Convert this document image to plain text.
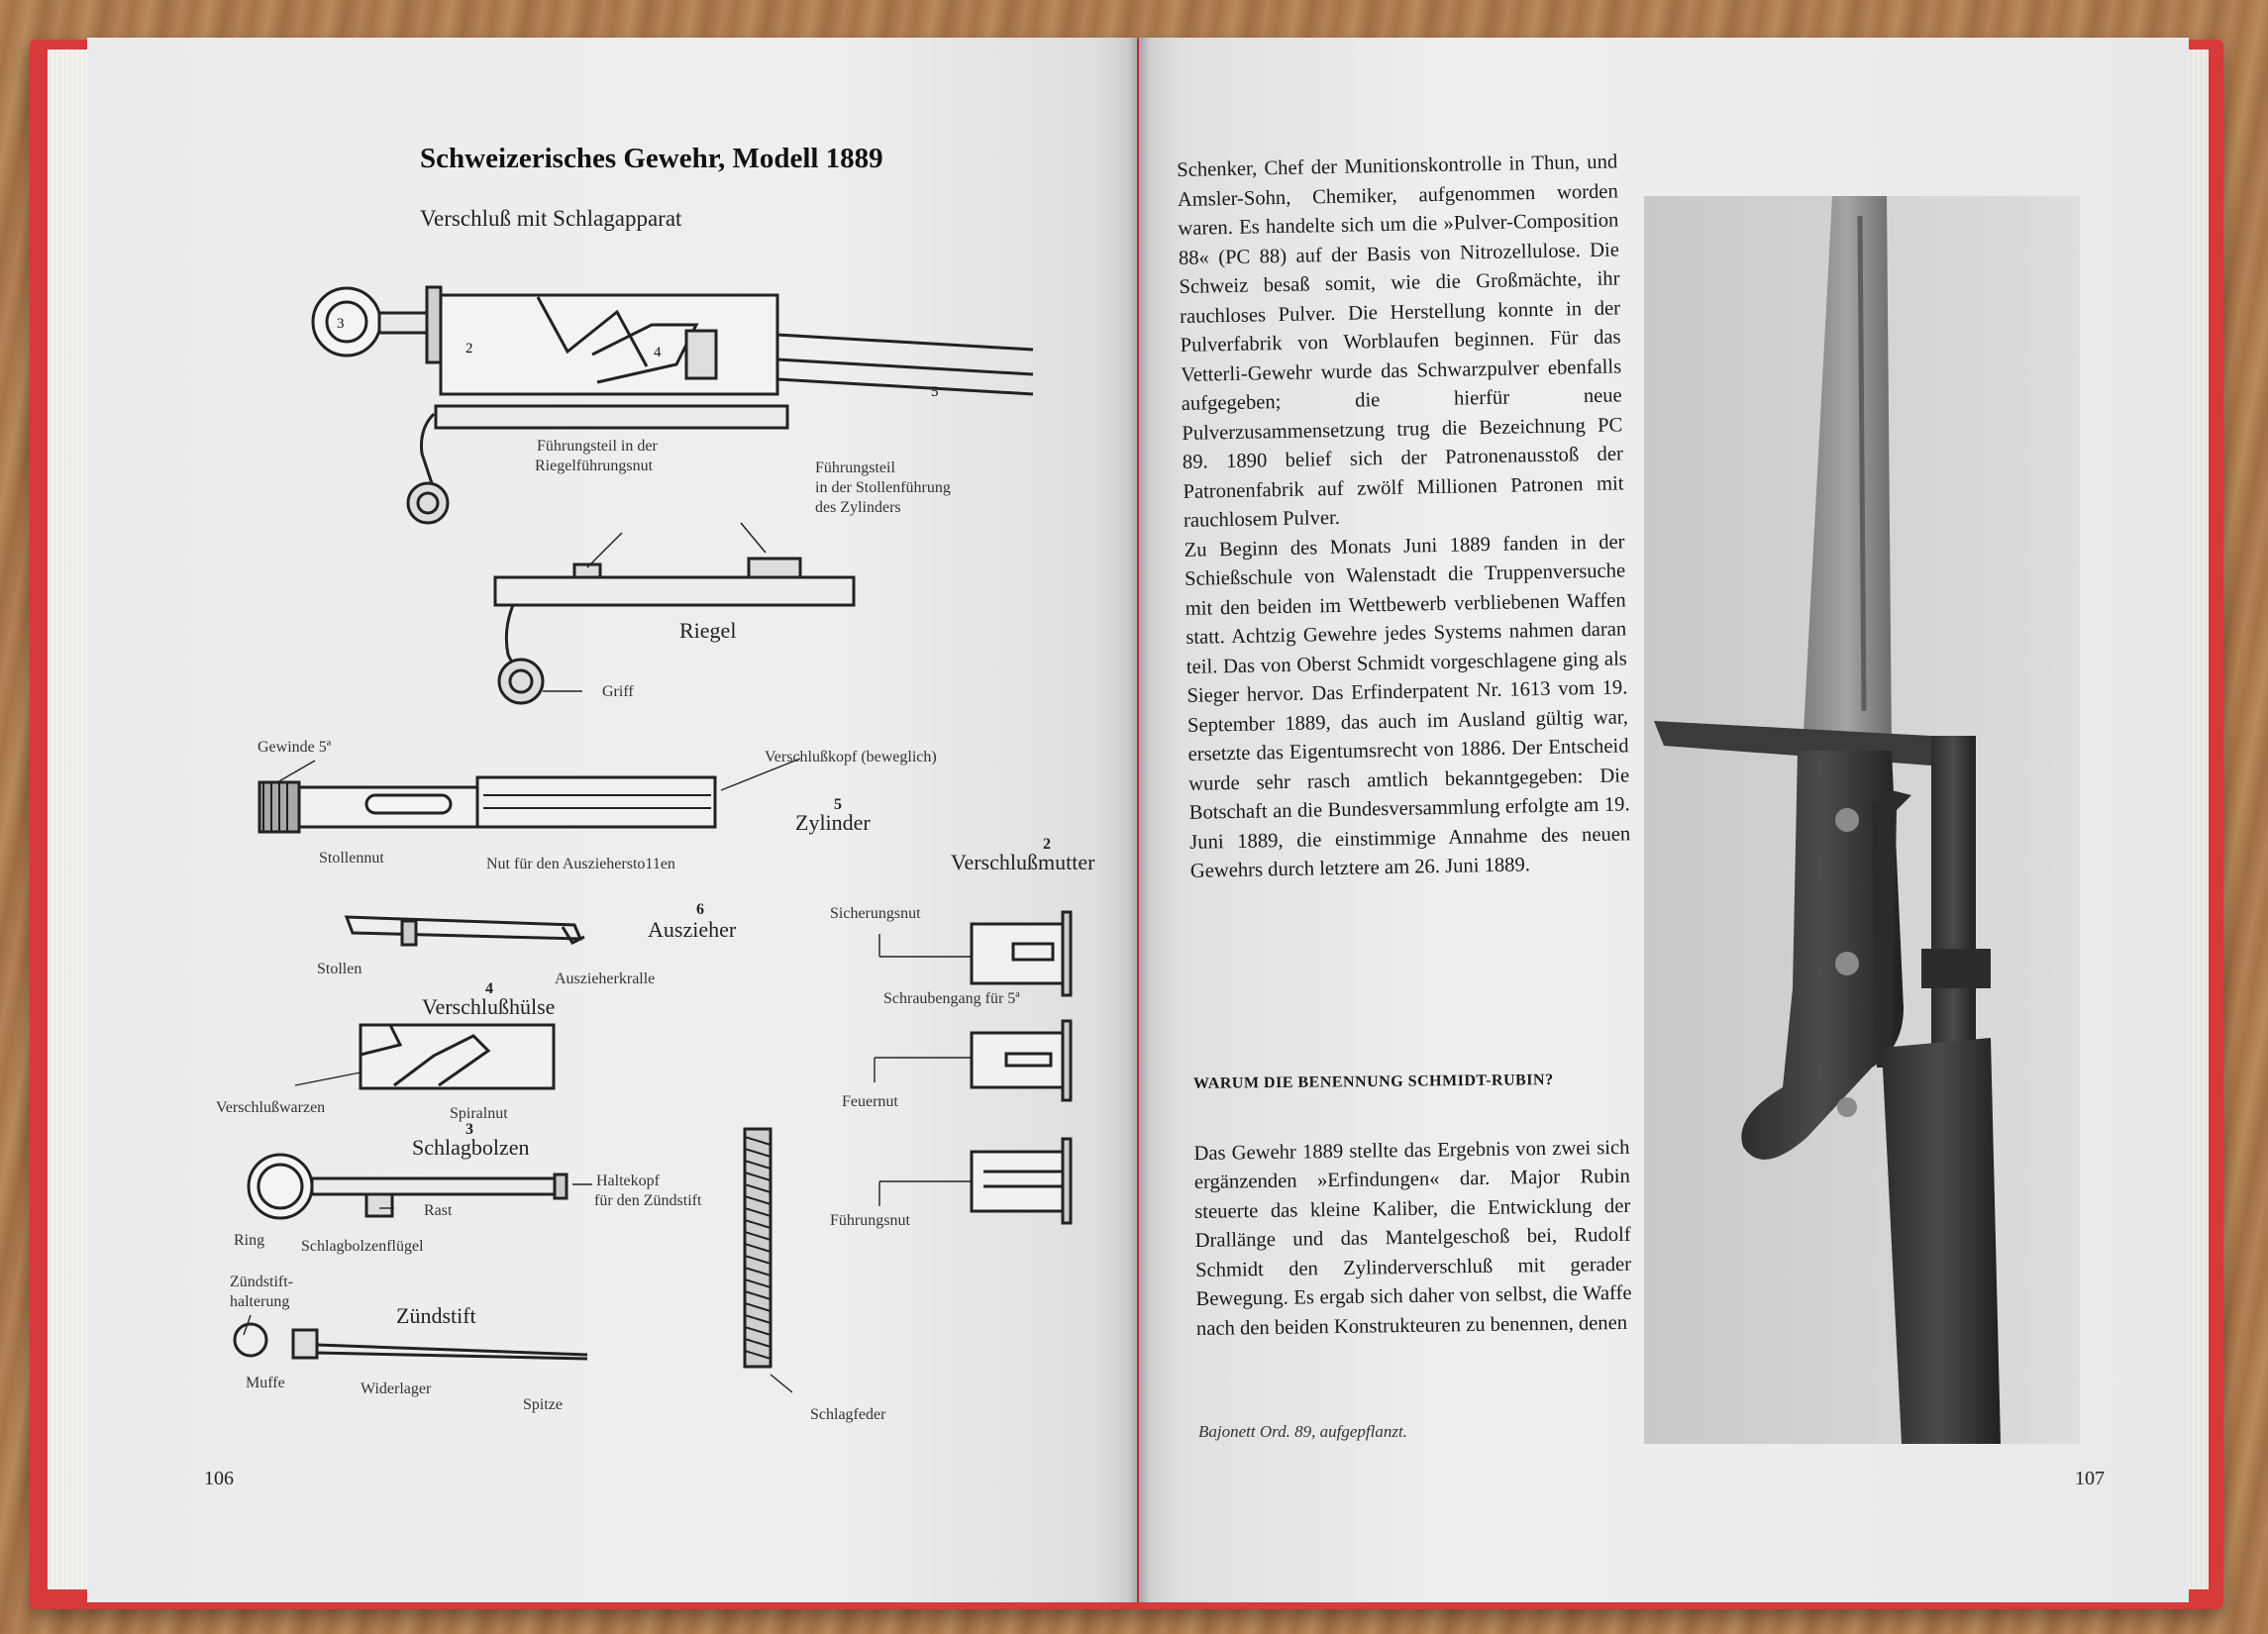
3
2	4
5
Schweizerisches Gewehr, Modell 1889
Verschluß mit Schlagapparat
Führungsteil in der
Riegelführungsnut	Führungsteil
in der Stollenführung
des Zylinders
Riegel
Griff
Gewinde 5ª
Verschlußkopf (beweglich)
5
Zylinder
Stollennut	Nut für den Ausziehersto11en
2
Verschlußmutter
6
Auszieher
Sicherungsnut
Stollen
Auszieherkralle
Schraubengang für 5ª
4
Verschlußhülse
Verschlußwarzen	Spiralnut
Feuernut
3
Schlagbolzen
Haltekopf
für den Zündstift
Rast
Ring Schlagbolzenflügel
Führungsnut
Zündstift-
halterung
Zündstift
Muffe	Widerlager
Spitze
Schlagfeder
106

Schenker, Chef der Munitionskontrolle in Thun, und Amsler-Sohn, Chemiker, aufgenommen worden waren. Es handelte sich um die »Pulver-Composition 88« (PC 88) auf der Basis von Nitrozellulose. Die Schweiz besaß somit, wie die Großmächte, ihr rauchloses Pulver. Die Herstellung konnte in der Pulverfabrik von Worblaufen beginnen. Für das Vetterli-Gewehr wurde das Schwarzpulver ebenfalls aufgegeben; die hierfür neue Pulverzusammensetzung trug die Bezeichnung PC 89. 1890 belief sich der Patronenausstoß der Patronenfabrik auf zwölf Millionen Patronen mit rauchlosem Pulver.

Zu Beginn des Monats Juni 1889 fanden in der Schießschule von Walenstadt die Truppenversuche mit den beiden im Wettbewerb verbliebenen Waffen statt. Achtzig Gewehre jedes Systems nahmen daran teil. Das von Oberst Schmidt vorgeschlagene ging als Sieger hervor. Das Erfinderpatent Nr. 1613 vom 19. September 1889, das auch im Ausland gültig war, ersetzte das Eigentumsrecht von 1886. Der Entscheid wurde sehr rasch amtlich bekanntgegeben: Die Botschaft an die Bundesversammlung erfolgte am 19. Juni 1889, die einstimmige Annahme des neuen Gewehrs durch letztere am 26. Juni 1889.

WARUM DIE BENENNUNG SCHMIDT-RUBIN?

Das Gewehr 1889 stellte das Ergebnis von zwei sich ergänzenden »Erfindungen« dar. Major Rubin steuerte das kleine Kaliber, die Entwicklung der Drallänge und das Mantelgeschoß bei, Rudolf Schmidt den Zylinderverschluß mit gerader Bewegung. Es ergab sich daher von selbst, die Waffe nach den beiden Konstrukteuren zu benennen, denen

Bajonett Ord. 89, aufgepflanzt.
107
